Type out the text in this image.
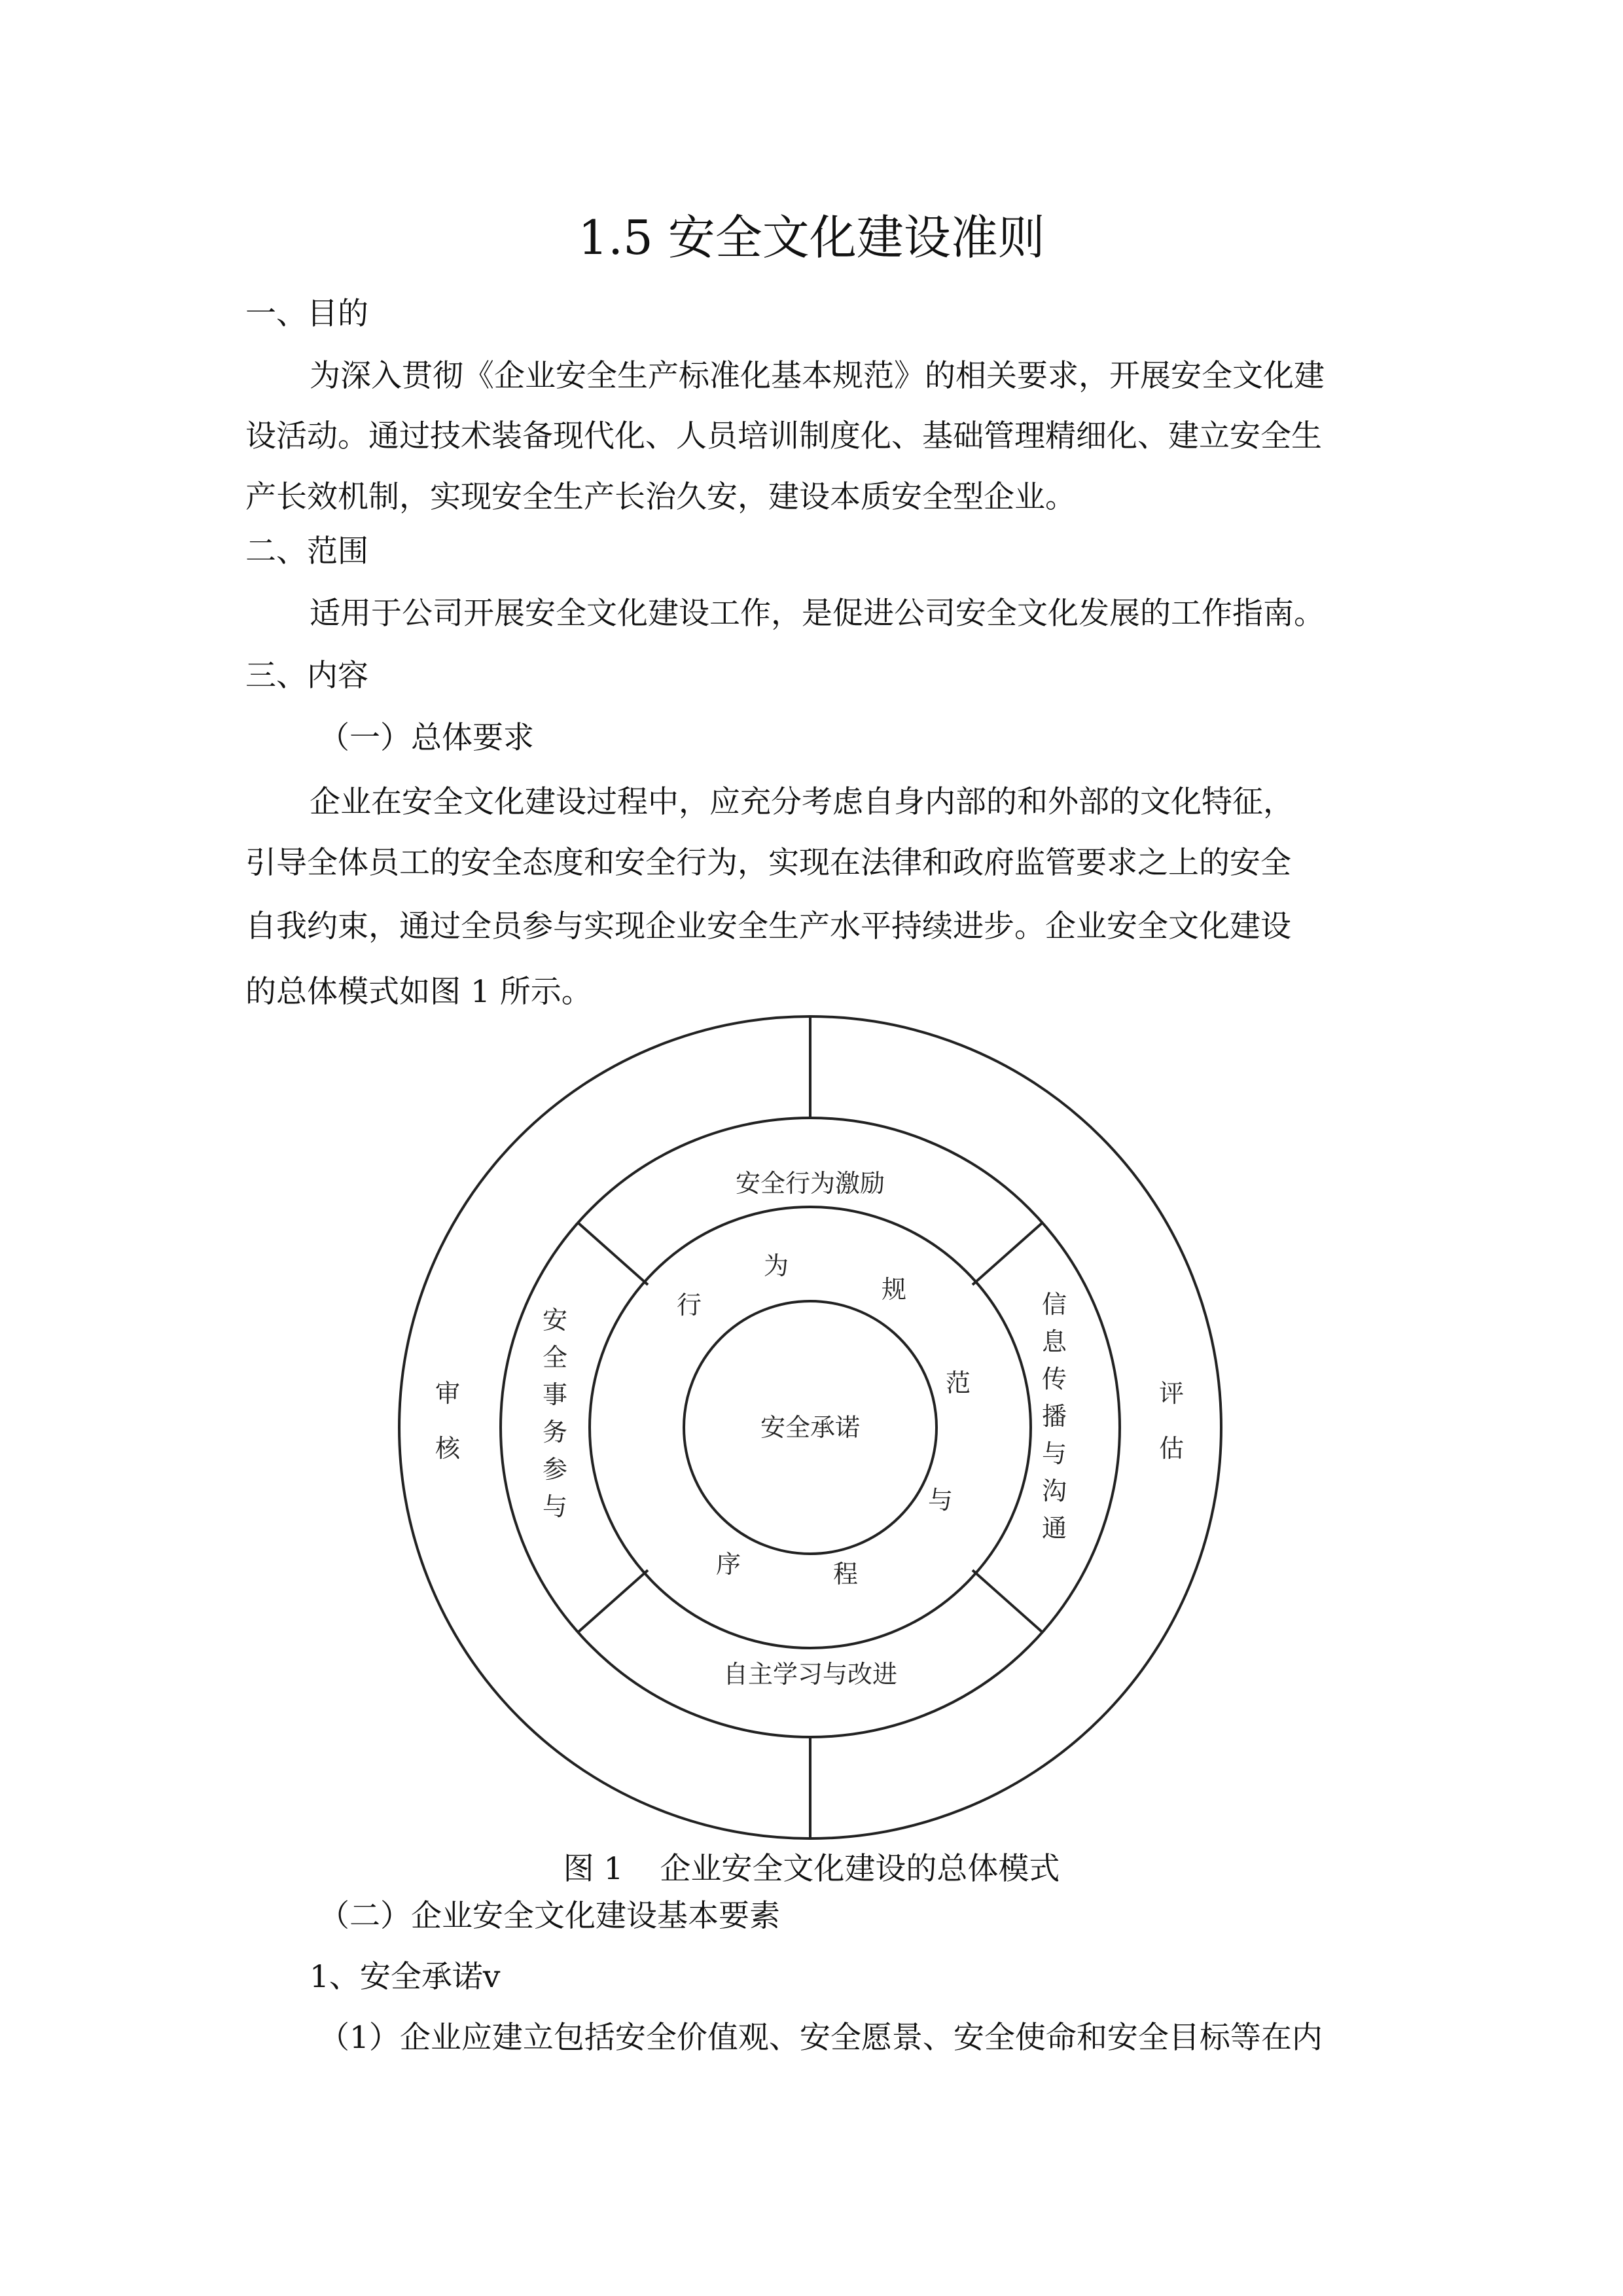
1.5 安全文化建设准则
一、目的
为深入贯彻《企业安全生产标准化基本规范》的相关要求，开展安全文化建
设活动。通过技术装备现代化、人员培训制度化、基础管理精细化、建立安全生
产长效机制，实现安全生产长治久安，建设本质安全型企业。
二、范围
适用于公司开展安全文化建设工作，是促进公司安全文化发展的工作指南。
三、内容
（一）总体要求
企业在安全文化建设过程中，应充分考虑自身内部的和外部的文化特征，
引导全体员工的安全态度和安全行为，实现在法律和政府监管要求之上的安全
自我约束，通过全员参与实现企业安全生产水平持续进步。企业安全文化建设
的总体模式如图 1 所示。
安全承诺
安全行为激励
自主学习与改进
行
为
规
范
与
程
序
安
全
事
务
参
与
信
息
传
播
与
沟
通
审
核
评
估
图 1 企业安全文化建设的总体模式
（二）企业安全文化建设基本要素
1、安全承诺v
（1）企业应建立包括安全价值观、安全愿景、安全使命和安全目标等在内
